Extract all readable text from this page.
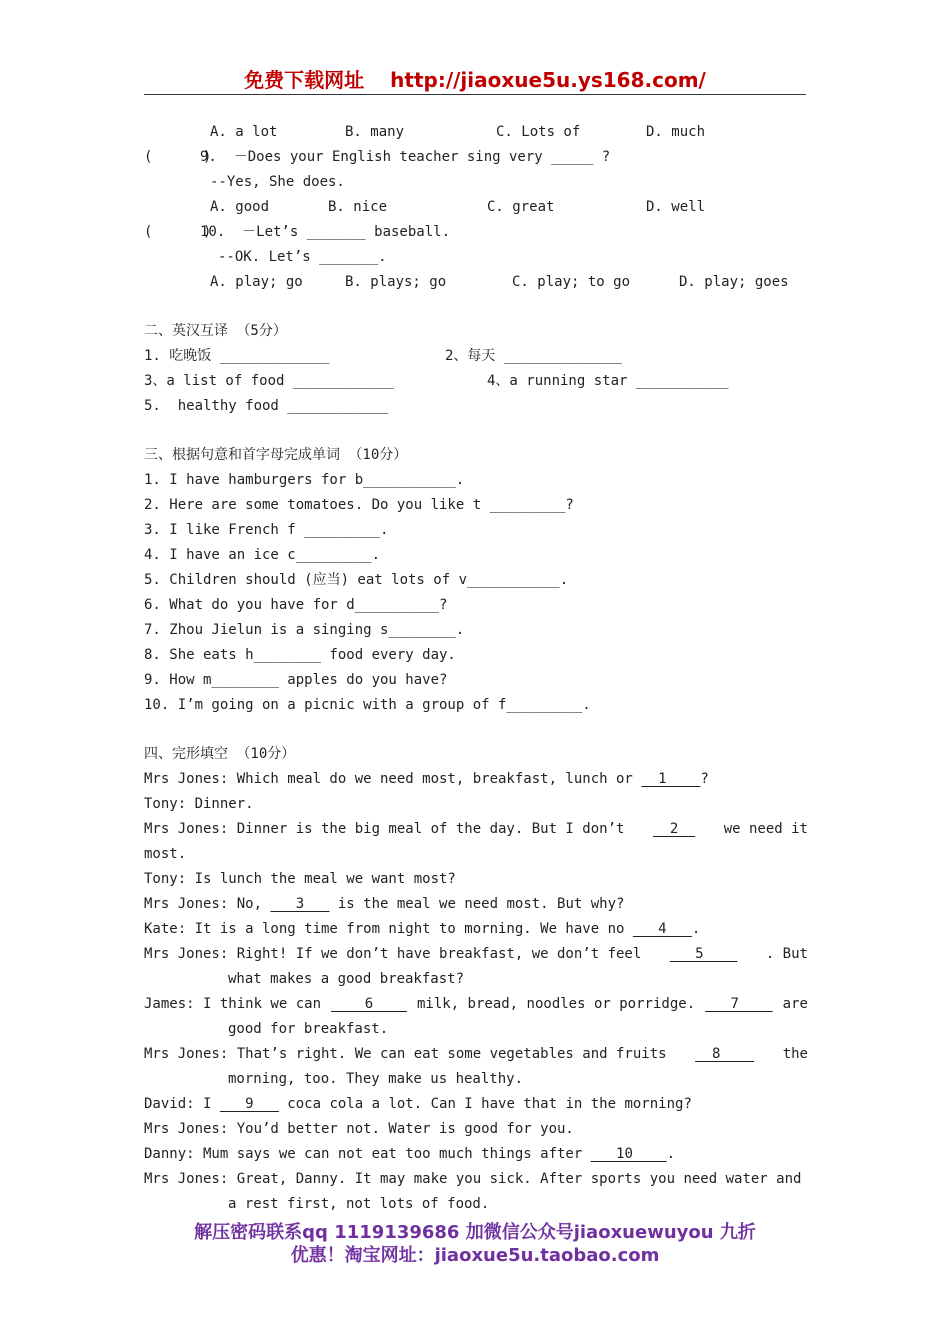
免费下载网址 http://jiaoxue5u.ys168.com/
A. a lot	B. many	C. Lots of	D. much
(      )9.  －Does your English teacher sing very _____ ?
--Yes, She does.
A. good	B. nice	C. great	D. well
(      )10.  －Let’s _______ baseball.
--OK. Let’s _______.
A. play; go	B. plays; go	C. play; to go	D. play; goes
二、英汉互译 （5分）
1. 吃晚饭 _____________	2、每天 ______________
3、a list of food ____________	4、a running star ___________
5.  healthy food ____________
三、根据句意和首字母完成单词 （10分）
1. I have hamburgers for b___________.
2. Here are some tomatoes. Do you like t _________?
3. I like French f _________.
4. I have an ice c_________.
5. Children should (应当) eat lots of v___________.
6. What do you have for d__________?
7. Zhou Jielun is a singing s________.
8. She eats h________ food every day.
9. How m________ apples do you have?
10. I’m going on a picnic with a group of f_________.
四、完形填空 （10分）
Mrs Jones: Which meal do we need most, breakfast, lunch or   1    ?
Tony: Dinner.
Mrs Jones: Dinner is the big meal of the day. But I don’t 2 we need it
most.
Tony: Is lunch the meal we want most?
Mrs Jones: No,    3    is the meal we need most. But why?
Kate: It is a long time from night to morning. We have no    4   .
Mrs Jones: Right! If we don’t have breakfast, we don’t feel 5 . But
what makes a good breakfast?
James: I think we can 6 milk, bread, noodles or porridge. 7 are
good for breakfast.
Mrs Jones: That’s right. We can eat some vegetables and fruits 8 the
morning, too. They make us healthy.
David: I    9    coca cola a lot. Can I have that in the morning?
Mrs Jones: You’d better not. Water is good for you.
Danny: Mum says we can not eat too much things after    10    .
Mrs Jones: Great, Danny. It may make you sick. After sports you need water and
a rest first, not lots of food.
解压密码联系qq 1119139686 加微信公众号jiaoxuewuyou 九折
优惠！淘宝网址：jiaoxue5u.taobao.com
